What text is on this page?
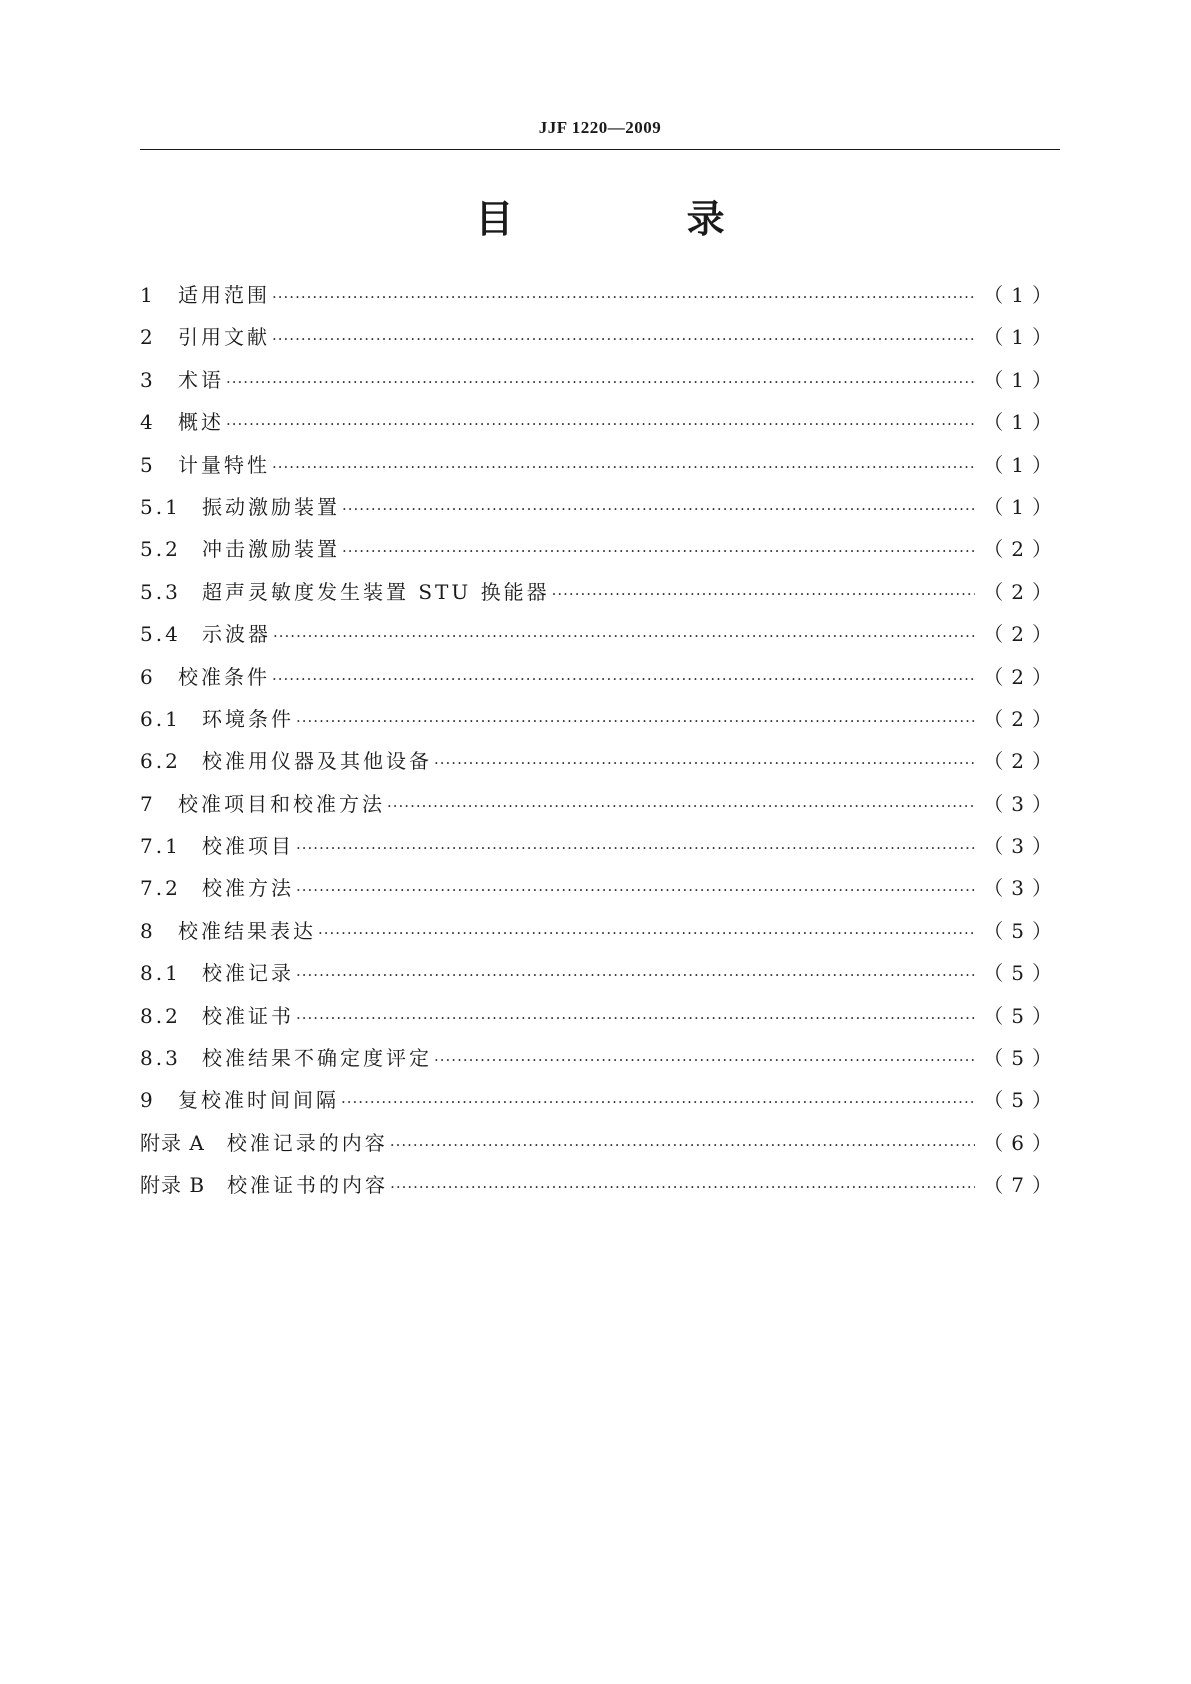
JJF 1220—2009
目 录
1	适用范围 ·····	（1）
2	引用文献 ·····	（1）
3	术语 ·····	（1）
4	概述 ·····	（1）
5	计量特性 ·····	（1）
5.1	振动激励装置 ·····	（1）
5.2	冲击激励装置 ·····	（2）
5.3	超声灵敏度发生装置 STU 换能器 ·····	（2）
5.4	示波器 ·····	（2）
6	校准条件 ·····	（2）
6.1	环境条件 ·····	（2）
6.2	校准用仪器及其他设备 ·····	（2）
7	校准项目和校准方法 ·····	（3）
7.1	校准项目 ·····	（3）
7.2	校准方法 ·····	（3）
8	校准结果表达 ·····	（5）
8.1	校准记录 ·····	（5）
8.2	校准证书 ·····	（5）
8.3	校准结果不确定度评定 ·····	（5）
9	复校准时间间隔 ·····	（5）
附录 A	校准记录的内容 ·····	（6）
附录 B	校准证书的内容 ·····	（7）
